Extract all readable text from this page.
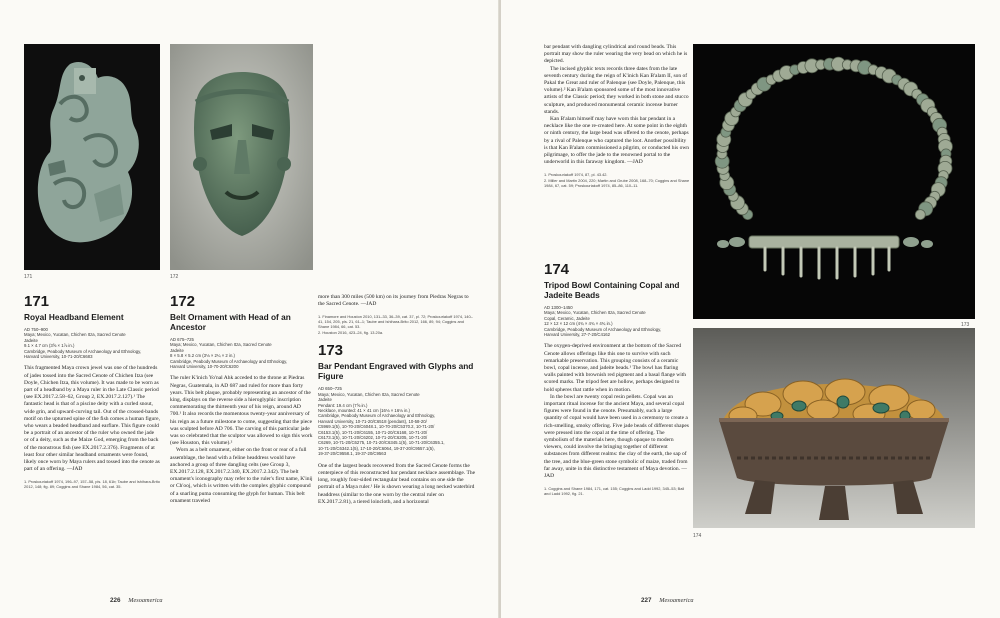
171	172
171
Royal Headband Element
AD 750–900
Maya; Mexico, Yucatan, Chichen Itza, Sacred Cenote
Jadeite
9.1 × 4.7 cm (3⅝ × 1⅞ in.)
Cambridge, Peabody Museum of Archaeology and Ethnology,
Harvard University, 10-71-20/C6683

This fragmented Maya crown jewel was one of the hundreds of jades tossed into the Sacred Cenote of Chichen Itza (see Doyle, Chichen Itza, this volume). It was made to be worn as part of a headband by a Maya ruler in the Late Classic period (see EX.2017.2.58–62, Group 2, EX.2017.2.127).¹ The fantastic head is that of a piscine deity with a curled snout, wide grin, and upward-curving tail. Out of the crossed-bands motif on the upturned spine of the fish comes a human figure, who wears a beaded headband and earflare. This figure could be a portrait of an ancestor of the ruler who owned the jade or of a deity, such as the Maize God, emerging from the back of the monstrous fish (see EX.2017.2.376). Fragments of at least four other similar headband ornaments were found, likely once worn by Maya rulers and tossed into the cenote as part of an offering. —JAD

1. Proskouriakoff 1974, 196–97, 157–58, pls. 18, 61b; Taube and Ishihara-Brito 2012, 148; fig. 89; Coggins and Shane 1984, 56, cat. 35.
172
Belt Ornament with Head of an Ancestor
AD 675–725
Maya; Mexico, Yucatan, Chichen Itza, Sacred Cenote
Jadeite
8 × 5.8 × 5.2 cm (3⅛ × 2¼ × 2 in.)
Cambridge, Peabody Museum of Archaeology and Ethnology,
Harvard University, 10-70-20/C6200

The ruler K'inich Yo'nal Ahk acceded to the throne at Piedras Negras, Guatemala, in AD 687 and ruled for more than forty years. This belt plaque, probably representing an ancestor of the king, displays on the reverse side a hieroglyphic inscription commemorating the thirteenth year of his reign, around AD 700.¹ It also records the momentous twenty-year anniversary of his reign as a future milestone to come, suggesting that the piece was sculpted before AD 706. The carving of this particular jade was so celebrated that the sculptor was allowed to sign this work (see Houston, this volume).²

Worn as a belt ornament, either on the front or rear of a full assemblage, the head with a feline headdress would have anchored a group of three dangling celts (see Group 3, EX.2017.2.128, EX.2017.2.340, EX.2017.2.342). The belt ornament's iconography may refer to the ruler's first name, K'inij or Ch'ooj, which is written with the complex glyphic compound of a snarling puma consuming the glyph for human. This belt ornament traveled

more than 300 miles (500 km) on its journey from Piedras Negras to the Sacred Cenote. —JAD

1. Finamore and Houston 2010, 131–33, 36–39, cat. 37, pl. 72; Proskouriakoff 1974, 140–41, 154, 205, pls. 21, 61–1; Taube and Ishihara-Brito 2012, 166, 89, 94; Coggins and Shane 1984, 66, cat. 53.
2. Houston 2016, 423–24, fig. 13.20a.
173
Bar Pendant Engraved with Glyphs and Figure
AD 650–725
Maya; Mexico, Yucatan, Chichen Itza, Sacred Cenote
Jadeite
Pendant: 19.4 cm (7⅝ in.)
Necklace, mounted: 41 × 41 cm (16⅛ × 16⅛ in.)
Cambridge, Peabody Museum of Archaeology and Ethnology,
Harvard University, 10-71-20/C6518 (pendant), 10-58-20/
C5969.1(5), 10-70-20/C6048.1, 10-70-20/C5370.2, 10-71-20/
C6153.1(5), 10-71-20/C6155, 10-71-20/C6168, 10-71-20/
C6173.1(5), 10-71-20/C6202, 10-71-20/C6205, 10-71-20/
C6269, 10-71-20/C6275, 10-71-20/C6345.1(5), 10-71-20/C6355.1,
10-71-20/C6342.1(5), 17-10-20/C6064, 19-37-20/C9557.1(5),
19-37-20/C9558.1, 19-37-20/C9563

One of the largest beads recovered from the Sacred Cenote forms the centerpiece of this reconstructed bar pendant necklace assemblage. The long, roughly four-sided rectangular bead contains on one side the portrait of a Maya ruler.¹ He is shown wearing a long necked waterbird headdress (similar to the one worn by the central ruler on EX.2017.2.81), a tiered loincloth, and a horizontal

226 Mesoamerica

bar pendant with dangling cylindrical and round beads. This portrait may show the ruler wearing the very bead on which he is depicted.

The incised glyphic texts records three dates from the late seventh century during the reign of K'inich Kan B'alam II, son of Pakal the Great and ruler of Palenque (see Doyle, Palenque, this volume).² Kan B'alam sponsored some of the most innovative artists of the Classic period; they worked in both stone and stucco sculpture, and produced monumental ceramic incense burner stands.

Kan B'alam himself may have worn this bar pendant in a necklace like the one re-created here. At some point in the eighth or ninth century, the large bead was offered to the cenote, perhaps by a rival of Palenque who captured the loot. Another possibility is that Kan B'alam commissioned a pilgrim, or conducted his own pilgrimage, to offer the jade to the renowned portal to the underworld in this faraway kingdom. —JAD

1. Proskouriakoff 1974, 87, pl. 43.42.
2. Miller and Martin 2004, 220; Martin and Grube 2008, 168–70; Coggins and Shane 1984, 67, cat. 59; Proskouriakoff 1974, 85–86, 110–11.
174
Tripod Bowl Containing Copal and Jadeite Beads
AD 1300–1450
Maya; Mexico, Yucatan, Chichen Itza, Sacred Cenote
Copal, Ceramic, Jadeite
12 × 12 × 12 cm (4¾ × 4¾ × 4¾ in.)
Cambridge, Peabody Museum of Archaeology and Ethnology,
Harvard University, 27-7-20/C4162

The oxygen-deprived environment at the bottom of the Sacred Cenote allows offerings like this one to survive with such remarkable preservation. This grouping consists of a ceramic bowl, copal incense, and jadeite beads.¹ The bowl has flaring walls painted with brownish red pigment and a basal flange with scored marks. The tripod feet are hollow, perhaps designed to hold spheres that rattle when in motion.

In the bowl are twenty copal resin pellets. Copal was an important ritual incense for the ancient Maya, and several copal figures were found in the cenote. Presumably, such a large quantity of copal would have been used in a ceremony to create a rich-smelling, smoky offering. Five jade beads of different shapes were pressed into the copal at the time of offering. The symbolism of the materials here, though opaque to modern viewers, could involve the bringing together of different substances from different realms: the clay of the earth, the sap of the tree, and the blue-green stone symbolic of maize, traded from far away, unite in this distinctive testament of Maya devotion. —JAD

1. Coggins and Shane 1984, 171, cat. 155; Coggins and Ladd 1992, 345–53; Ball and Ladd 1992, fig. 21.
173
174
227 Mesoamerica
